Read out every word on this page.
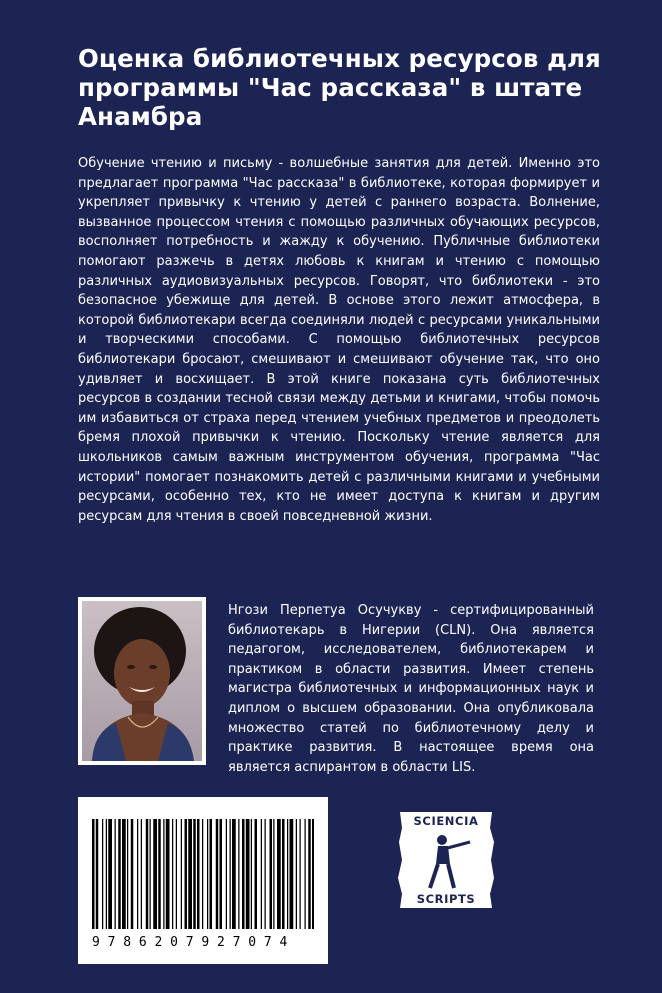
Оценка библиотечных ресурсов для программы "Час рассказа" в штате Анамбра

Обучение чтению и письму - волшебные занятия для детей. Именно это предлагает программа "Час рассказа" в библиотеке, которая формирует и укрепляет привычку к чтению у детей с раннего возраста. Волнение, вызванное процессом чтения с помощью различных обучающих ресурсов, восполняет потребность и жажду к обучению. Публичные библиотеки помогают разжечь в детях любовь к книгам и чтению с помощью различных аудиовизуальных ресурсов. Говорят, что библиотеки - это безопасное убежище для детей. В основе этого лежит атмосфера, в которой библиотекари всегда соединяли людей с ресурсами уникальными и творческими способами. С помощью библиотечных ресурсов библиотекари бросают, смешивают и смешивают обучение так, что оно удивляет и восхищает. В этой книге показана суть библиотечных ресурсов в создании тесной связи между детьми и книгами, чтобы помочь им избавиться от страха перед чтением учебных предметов и преодолеть бремя плохой привычки к чтению. Поскольку чтение является для школьников самым важным инструментом обучения, программа "Час истории" помогает познакомить детей с различными книгами и учебными ресурсами, особенно тех, кто не имеет доступа к книгам и другим ресурсам для чтения в своей повседневной жизни.

Нгози Перпетуа Осучукву - сертифицированный библиотекарь в Нигерии (CLN). Она является педагогом, исследователем, библиотекарем и практиком в области развития. Имеет степень магистра библиотечных и информационных наук и диплом о высшем образовании. Она опубликовала множество статей по библиотечному делу и практике развития. В настоящее время она является аспирантом в области LIS.

9786207927074
SCIENCIA
SCRIPTS
